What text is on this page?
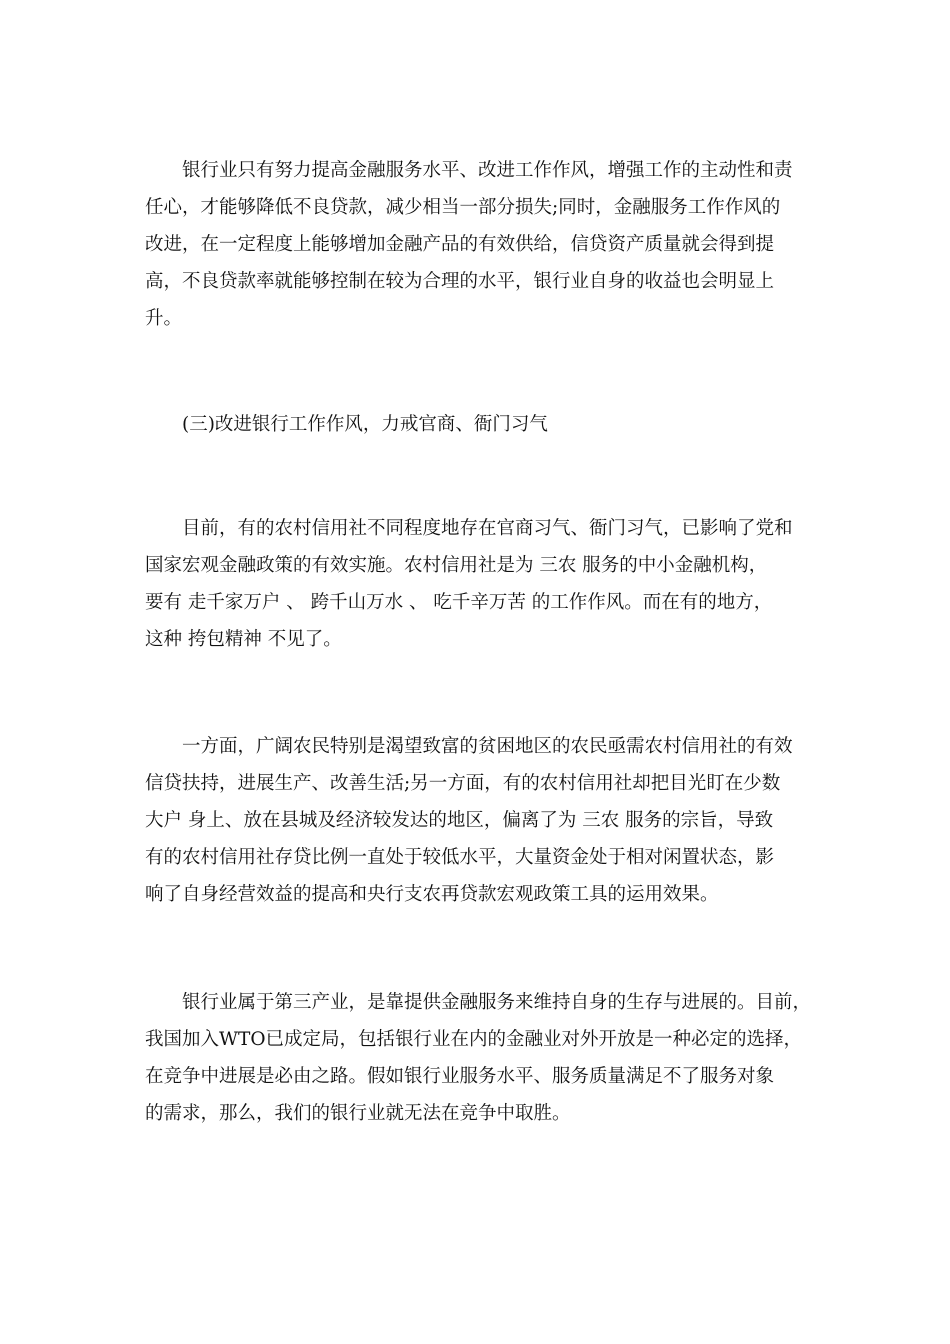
　　银行业只有努力提高金融服务水平、改进工作作风，增强工作的主动性和责
任心，才能够降低不良贷款，减少相当一部分损失;同时，金融服务工作作风的
改进，在一定程度上能够增加金融产品的有效供给，信贷资产质量就会得到提
高，不良贷款率就能够控制在较为合理的水平，银行业自身的收益也会明显上
升。
　　(三)改进银行工作作风，力戒官商、衙门习气
　　目前，有的农村信用社不同程度地存在官商习气、衙门习气，已影响了党和
国家宏观金融政策的有效实施。农村信用社是为 三农 服务的中小金融机构，
要有 走千家万户 、 跨千山万水 、 吃千辛万苦 的工作作风。而在有的地方，
这种 挎包精神 不见了。
　　一方面，广阔农民特别是渴望致富的贫困地区的农民亟需农村信用社的有效
信贷扶持，进展生产、改善生活;另一方面，有的农村信用社却把目光盯在少数
大户 身上、放在县城及经济较发达的地区，偏离了为 三农 服务的宗旨，导致
有的农村信用社存贷比例一直处于较低水平，大量资金处于相对闲置状态，影
响了自身经营效益的提高和央行支农再贷款宏观政策工具的运用效果。
　　银行业属于第三产业，是靠提供金融服务来维持自身的生存与进展的。目前，
我国加入WTO已成定局，包括银行业在内的金融业对外开放是一种必定的选择，
在竞争中进展是必由之路。假如银行业服务水平、服务质量满足不了服务对象
的需求，那么，我们的银行业就无法在竞争中取胜。
